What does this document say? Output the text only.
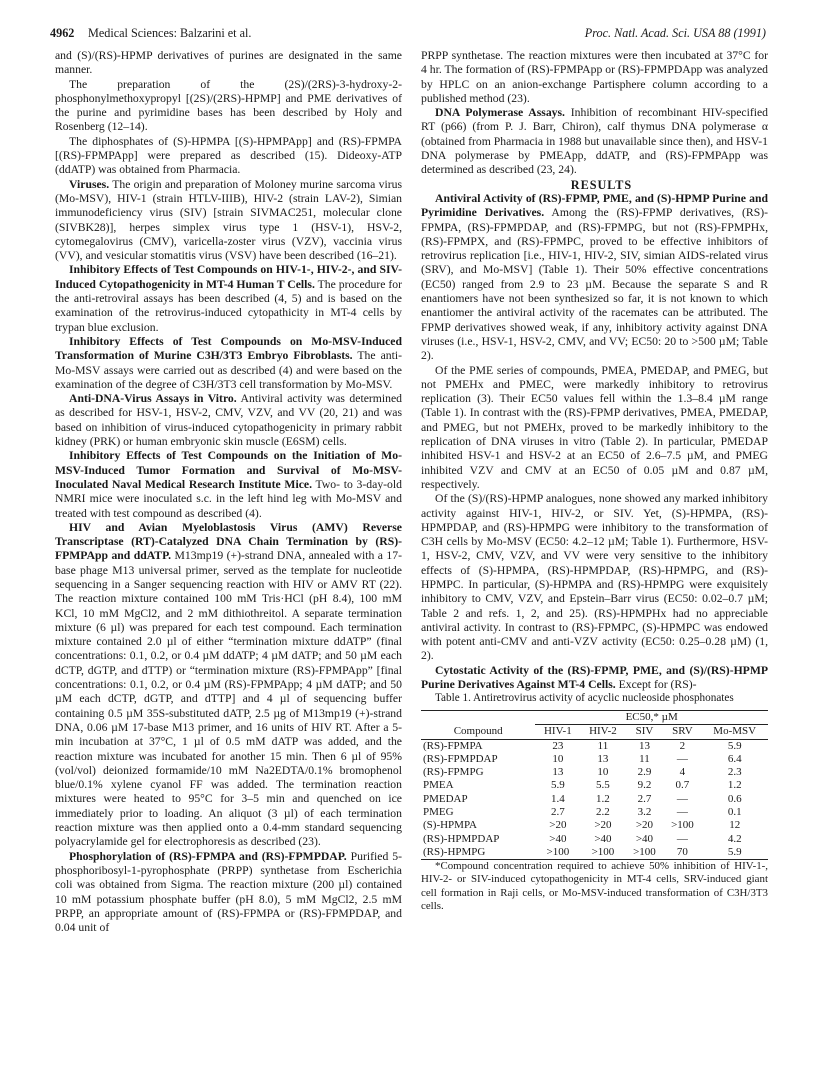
4962 Medical Sciences: Balzarini et al.	Proc. Natl. Acad. Sci. USA 88 (1991)

and (S)/(RS)-HPMP derivatives of purines are designated in the same manner.

The preparation of the (2S)/(2RS)-3-hydroxy-2-phosphonylmethoxypropyl [(2S)/(2RS)-HPMP] and PME derivatives of the purine and pyrimidine bases has been described by Holy and Rosenberg (12–14).

The diphosphates of (S)-HPMPA [(S)-HPMPApp] and (RS)-FPMPA [(RS)-FPMPApp] were prepared as described (15). Dideoxy-ATP (ddATP) was obtained from Pharmacia.

Viruses. The origin and preparation of Moloney murine sarcoma virus (Mo-MSV), HIV-1 (strain HTLV-IIIB), HIV-2 (strain LAV-2), Simian immunodeficiency virus (SIV) [strain SIVMAC251, molecular clone (SIVBK28)], herpes simplex virus type 1 (HSV-1), HSV-2, cytomegalovirus (CMV), varicella-zoster virus (VZV), vaccinia virus (VV), and vesicular stomatitis virus (VSV) have been described (16–21).

Inhibitory Effects of Test Compounds on HIV-1-, HIV-2-, and SIV-Induced Cytopathogenicity in MT-4 Human T Cells. The procedure for the anti-retroviral assays has been described (4, 5) and is based on the examination of the retrovirus-induced cytopathicity in MT-4 cells by trypan blue exclusion.

Inhibitory Effects of Test Compounds on Mo-MSV-Induced Transformation of Murine C3H/3T3 Embryo Fibroblasts. The anti-Mo-MSV assays were carried out as described (4) and were based on the examination of the degree of C3H/3T3 cell transformation by Mo-MSV.

Anti-DNA-Virus Assays in Vitro. Antiviral activity was determined as described for HSV-1, HSV-2, CMV, VZV, and VV (20, 21) and was based on inhibition of virus-induced cytopathogenicity in primary rabbit kidney (PRK) or human embryonic skin muscle (E6SM) cells.

Inhibitory Effects of Test Compounds on the Initiation of Mo-MSV-Induced Tumor Formation and Survival of Mo-MSV-Inoculated Naval Medical Research Institute Mice. Two- to 3-day-old NMRI mice were inoculated s.c. in the left hind leg with Mo-MSV and treated with test compound as described (4).

HIV and Avian Myeloblastosis Virus (AMV) Reverse Transcriptase (RT)-Catalyzed DNA Chain Termination by (RS)-FPMPApp and ddATP. M13mp19 (+)-strand DNA, annealed with a 17-base phage M13 universal primer, served as the template for nucleotide sequencing in a Sanger sequencing reaction with HIV or AMV RT (22). The reaction mixture contained 100 mM Tris·HCl (pH 8.4), 100 mM KCl, 10 mM MgCl2, and 2 mM dithiothreitol. A separate termination mixture (6 µl) was prepared for each test compound. Each termination mixture contained 2.0 µl of either “termination mixture ddATP” (final concentrations: 0.1, 0.2, or 0.4 µM ddATP; 4 µM dATP; and 50 µM each dCTP, dGTP, and dTTP) or “termination mixture (RS)-FPMPApp” [final concentrations: 0.1, 0.2, or 0.4 µM (RS)-FPMPApp; 4 µM dATP; and 50 µM each dCTP, dGTP, and dTTP] and 4 µl of sequencing buffer containing 0.5 µM 35S-substituted dATP, 2.5 µg of M13mp19 (+)-strand DNA, 0.06 µM 17-base M13 primer, and 16 units of HIV RT. After a 5-min incubation at 37°C, 1 µl of 0.5 mM dATP was added, and the reaction mixture was incubated for another 15 min. Then 6 µl of 95% (vol/vol) deionized formamide/10 mM Na2EDTA/0.1% bromophenol blue/0.1% xylene cyanol FF was added. The termination reaction mixtures were heated to 95°C for 3–5 min and quenched on ice immediately prior to loading. An aliquot (3 µl) of each termination reaction mixture was then applied onto a 0.4-mm standard sequencing polyacrylamide gel for electrophoresis as described (23).

Phosphorylation of (RS)-FPMPA and (RS)-FPMPDAP. Purified 5-phosphoribosyl-1-pyrophosphate (PRPP) synthetase from Escherichia coli was obtained from Sigma. The reaction mixture (200 µl) contained 10 mM potassium phosphate buffer (pH 8.0), 5 mM MgCl2, 2.5 mM PRPP, an appropriate amount of (RS)-FPMPA or (RS)-FPMPDAP, and 0.04 unit of

PRPP synthetase. The reaction mixtures were then incubated at 37°C for 4 hr. The formation of (RS)-FPMPApp or (RS)-FPMPDApp was analyzed by HPLC on an anion-exchange Partisphere column according to a published method (23).

DNA Polymerase Assays. Inhibition of recombinant HIV-specified RT (p66) (from P. J. Barr, Chiron), calf thymus DNA polymerase α (obtained from Pharmacia in 1988 but unavailable since then), and HSV-1 DNA polymerase by PMEApp, ddATP, and (RS)-FPMPApp was determined as described (23, 24).

RESULTS

Antiviral Activity of (RS)-FPMP, PME, and (S)-HPMP Purine and Pyrimidine Derivatives. Among the (RS)-FPMP derivatives, (RS)-FPMPA, (RS)-FPMPDAP, and (RS)-FPMPG, but not (RS)-FPMPHx, (RS)-FPMPX, and (RS)-FPMPC, proved to be effective inhibitors of retrovirus replication [i.e., HIV-1, HIV-2, SIV, simian AIDS-related virus (SRV), and Mo-MSV] (Table 1). Their 50% effective concentrations (EC50) ranged from 2.9 to 23 µM. Because the separate S and R enantiomers have not been synthesized so far, it is not known to which enantiomer the antiviral activity of the racemates can be attributed. The FPMP derivatives showed weak, if any, inhibitory activity against DNA viruses (i.e., HSV-1, HSV-2, CMV, and VV; EC50: 20 to >500 µM; Table 2).

Of the PME series of compounds, PMEA, PMEDAP, and PMEG, but not PMEHx and PMEC, were markedly inhibitory to retrovirus replication (3). Their EC50 values fell within the 1.3–8.4 µM range (Table 1). In contrast with the (RS)-FPMP derivatives, PMEA, PMEDAP, and PMEG, but not PMEHx, proved to be markedly inhibitory to the replication of DNA viruses in vitro (Table 2). In particular, PMEDAP inhibited HSV-1 and HSV-2 at an EC50 of 2.6–7.5 µM, and PMEG inhibited VZV and CMV at an EC50 of 0.05 µM and 0.87 µM, respectively.

Of the (S)/(RS)-HPMP analogues, none showed any marked inhibitory activity against HIV-1, HIV-2, or SIV. Yet, (S)-HPMPA, (RS)-HPMPDAP, and (RS)-HPMPG were inhibitory to the transformation of C3H cells by Mo-MSV (EC50: 4.2–12 µM; Table 1). Furthermore, HSV-1, HSV-2, CMV, VZV, and VV were very sensitive to the inhibitory effects of (S)-HPMPA, (RS)-HPMPDAP, (RS)-HPMPG, and (RS)-HPMPC. In particular, (S)-HPMPA and (RS)-HPMPG were exquisitely inhibitory to CMV, VZV, and Epstein–Barr virus (EC50: 0.02–0.7 µM; Table 2 and refs. 1, 2, and 25). (RS)-HPMPHx had no appreciable antiviral activity. In contrast to (RS)-FPMPC, (S)-HPMPC was endowed with potent anti-CMV and anti-VZV activity (EC50: 0.25–0.28 µM) (1, 2).

Cytostatic Activity of the (RS)-FPMP, PME, and (S)/(RS)-HPMP Purine Derivatives Against MT-4 Cells. Except for (RS)-

Table 1. Antiretrovirus activity of acyclic nucleoside phosphonates

	EC50,* µM				
Compound	HIV-1	HIV-2	SIV	SRV	Mo-MSV
(RS)-FPMPA	23	11	13	2	5.9
(RS)-FPMPDAP	10	13	11	—	6.4
(RS)-FPMPG	13	10	2.9	4	2.3
PMEA	5.9	5.5	9.2	0.7	1.2
PMEDAP	1.4	1.2	2.7	—	0.6
PMEG	2.7	2.2	3.2	—	0.1
(S)-HPMPA	>20	>20	>20	>100	12
(RS)-HPMPDAP	>40	>40	>40	—	4.2
(RS)-HPMPG	>100	>100	>100	70	5.9

*Compound concentration required to achieve 50% inhibition of HIV-1-, HIV-2- or SIV-induced cytopathogenicity in MT-4 cells, SRV-induced giant cell formation in Raji cells, or Mo-MSV-induced transformation of C3H/3T3 cells.
